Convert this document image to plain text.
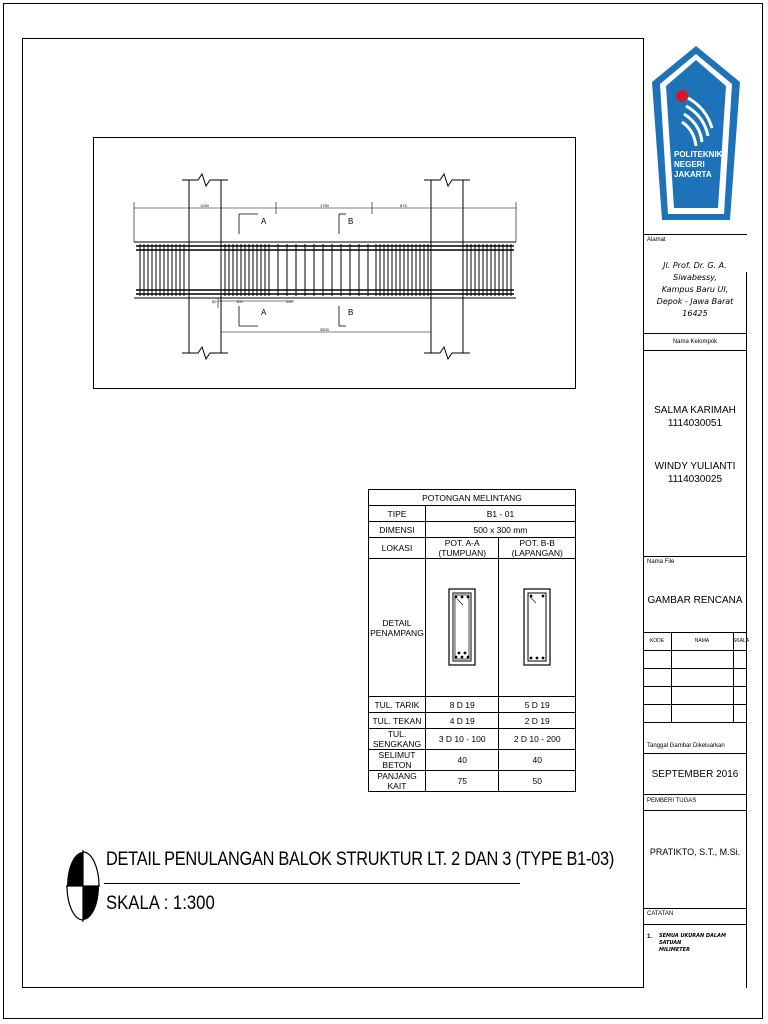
POLITEKNIK
NEGERI
JAKARTA
Alamat
Jl. Prof. Dr. G. A. Siwabessy,
Kampus Baru UI,
Depok - Jawa Barat 16425
Nama Kelompok
SALMA KARIMAH
1114030051
WINDY YULIANTI
1114030025
Nama File
GAMBAR RENCANA
KODE	NAMA	SKALA
Tanggal Gambar Dikeluarkan
SEPTEMBER 2016
PEMBERI TUGAS
PRATIKTO, S.T., M.Si.
CATATAN
1. SEMUA UKURAN DALAM SATUAN
MILIMETER
A	B
A	B
1250	1750	875
50	100	200
3500
POTONGAN MELINTANG		
TIPE	B1 - 01	
DIMENSI	500 x 300 mm	
LOKASI	POT. A-A (TUMPUAN)	POT. B-B (LAPANGAN)

DETAIL
PENAMPANG

TUL. TARIK	8 D 19	5 D 19
TUL. TEKAN	4 D 19	2 D 19
TUL. SENGKANG	3 D 10 - 100	2 D 10 - 200
SELIMUT BETON	40	40
PANJANG KAIT	75	50
DETAIL PENULANGAN BALOK STRUKTUR LT. 2 DAN 3 (TYPE B1-03)
SKALA : 1:300
